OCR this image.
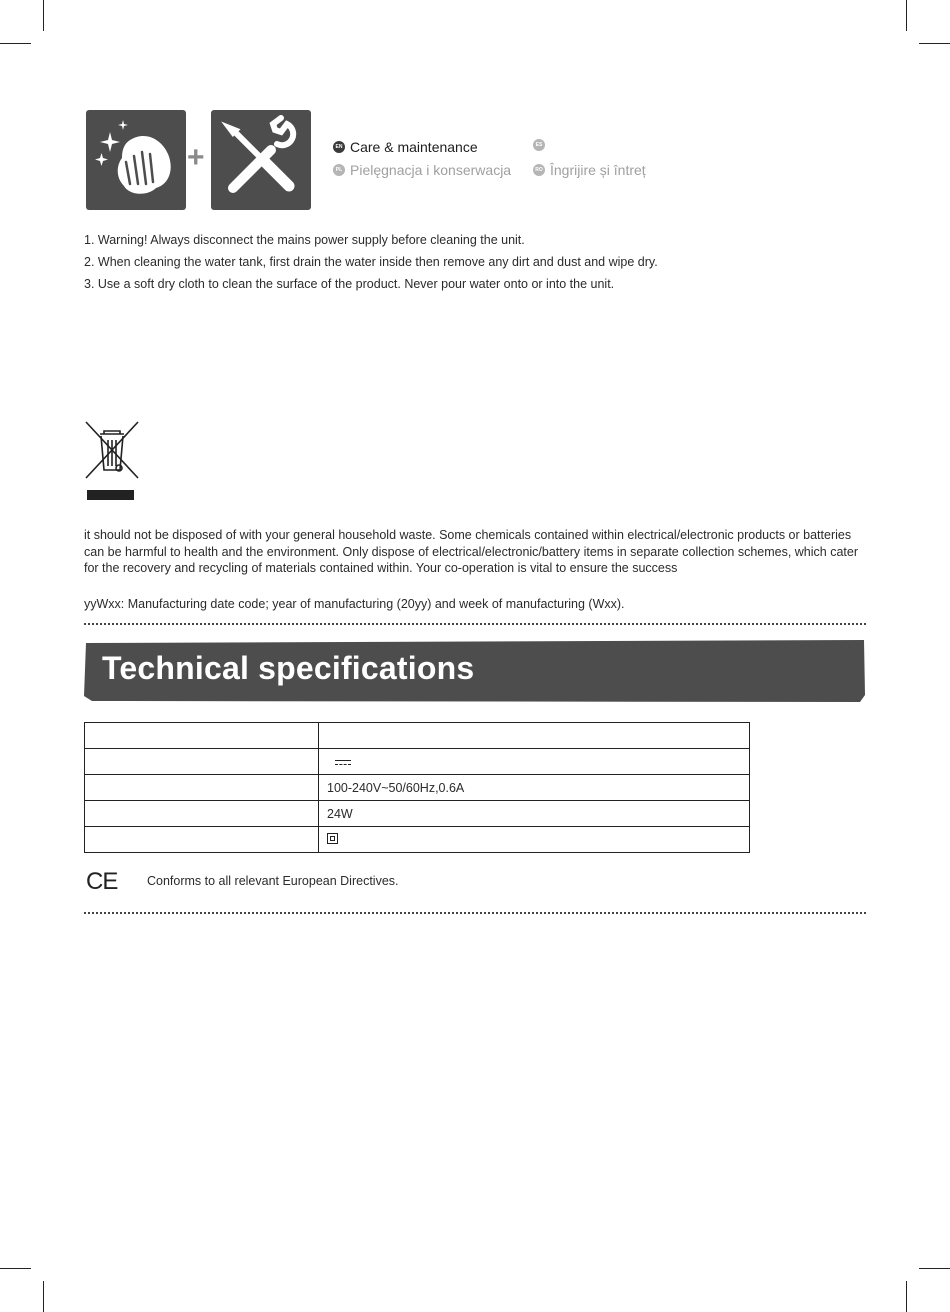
+	EN Care & maintenance	ES
PL Pielęgnacja i konserwacja	RO Îngrijire și întreț
1. Warning! Always disconnect the mains power supply before cleaning the unit.
2. When cleaning the water tank, first drain the water inside then remove any dirt and dust and wipe dry.
3. Use a soft dry cloth to clean the surface of the product. Never pour water onto or into the unit.

it should not be disposed of with your general household waste. Some chemicals contained within electrical/electronic products or batteries can be harmful to health and the environment. Only dispose of electrical/electronic/battery items in separate collection schemes, which cater for the recovery and recycling of materials contained within. Your co-operation is vital to ensure the success

yyWxx: Manufacturing date code; year of manufacturing (20yy) and week of manufacturing (Wxx).

Technical specifications

	100-240V~50/60Hz,0.6A
	24W

CE Conforms to all relevant European Directives.
